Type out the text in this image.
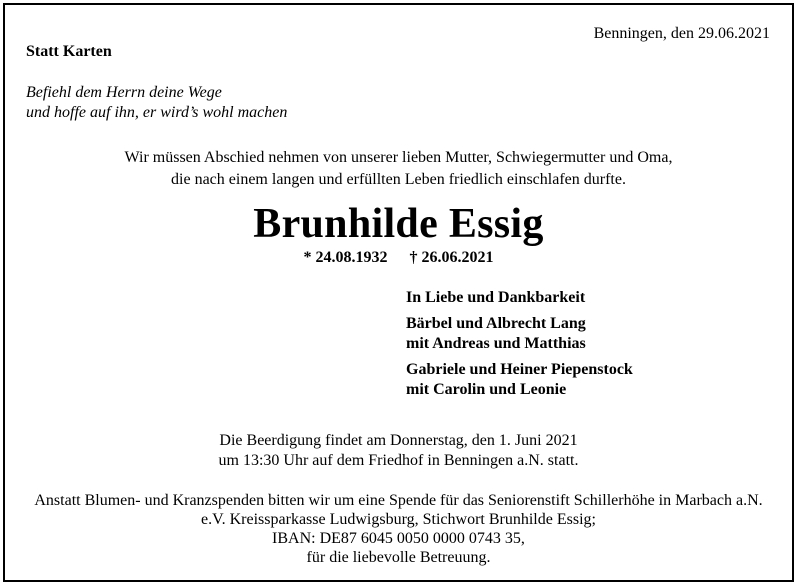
Benningen, den 29.06.2021
Statt Karten
Befiehl dem Herrn deine Wege
und hoffe auf ihn, er wird’s wohl machen
Wir müssen Abschied nehmen von unserer lieben Mutter, Schwiegermutter und Oma,
die nach einem langen und erfüllten Leben friedlich einschlafen durfte.
Brunhilde Essig
* 24.08.1932 † 26.06.2021
In Liebe und Dankbarkeit
Bärbel und Albrecht Lang
mit Andreas und Matthias
Gabriele und Heiner Piepenstock
mit Carolin und Leonie
Die Beerdigung findet am Donnerstag, den 1. Juni 2021
um 13:30 Uhr auf dem Friedhof in Benningen a.N. statt.
Anstatt Blumen- und Kranzspenden bitten wir um eine Spende für das Seniorenstift Schillerhöhe in Marbach a.N.
e.V. Kreissparkasse Ludwigsburg, Stichwort Brunhilde Essig;
IBAN: DE87 6045 0050 0000 0743 35,
für die liebevolle Betreuung.
